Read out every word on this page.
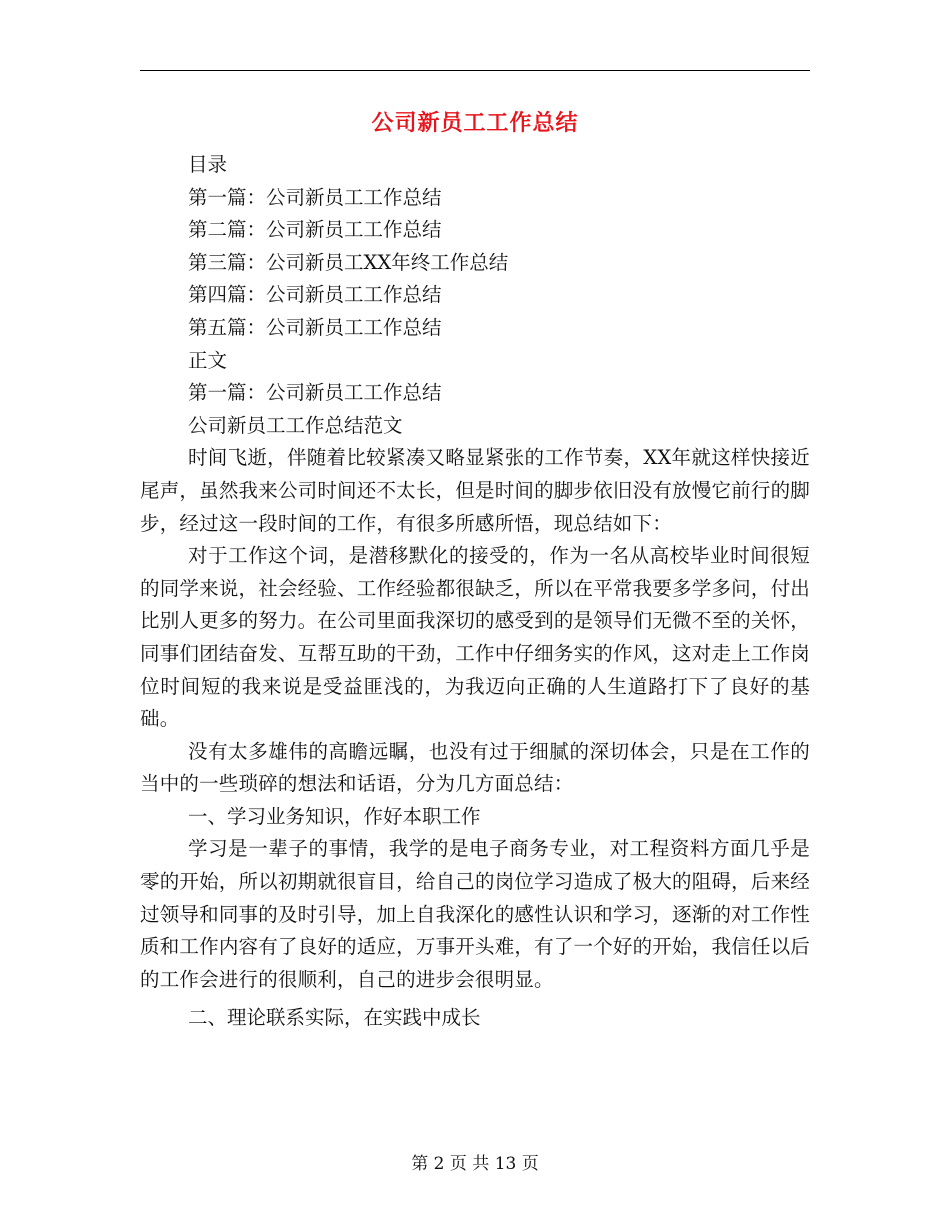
公司新员工工作总结

目录

第一篇：公司新员工工作总结

第二篇：公司新员工工作总结

第三篇：公司新员工XX年终工作总结

第四篇：公司新员工工作总结

第五篇：公司新员工工作总结

正文

第一篇：公司新员工工作总结

公司新员工工作总结范文

时间飞逝，伴随着比较紧凑又略显紧张的工作节奏，XX年就这样快接近尾声，虽然我来公司时间还不太长，但是时间的脚步依旧没有放慢它前行的脚步，经过这一段时间的工作，有很多所感所悟，现总结如下：

对于工作这个词，是潜移默化的接受的，作为一名从高校毕业时间很短的同学来说，社会经验、工作经验都很缺乏，所以在平常我要多学多问，付出比别人更多的努力。在公司里面我深切的感受到的是领导们无微不至的关怀，同事们团结奋发、互帮互助的干劲，工作中仔细务实的作风，这对走上工作岗位时间短的我来说是受益匪浅的，为我迈向正确的人生道路打下了良好的基础。

没有太多雄伟的高瞻远瞩，也没有过于细腻的深切体会，只是在工作的当中的一些琐碎的想法和话语，分为几方面总结：

一、学习业务知识，作好本职工作

学习是一辈子的事情，我学的是电子商务专业，对工程资料方面几乎是零的开始，所以初期就很盲目，给自己的岗位学习造成了极大的阻碍，后来经过领导和同事的及时引导，加上自我深化的感性认识和学习，逐渐的对工作性质和工作内容有了良好的适应，万事开头难，有了一个好的开始，我信任以后的工作会进行的很顺利，自己的进步会很明显。

二、理论联系实际，在实践中成长

第 2 页 共 13 页
